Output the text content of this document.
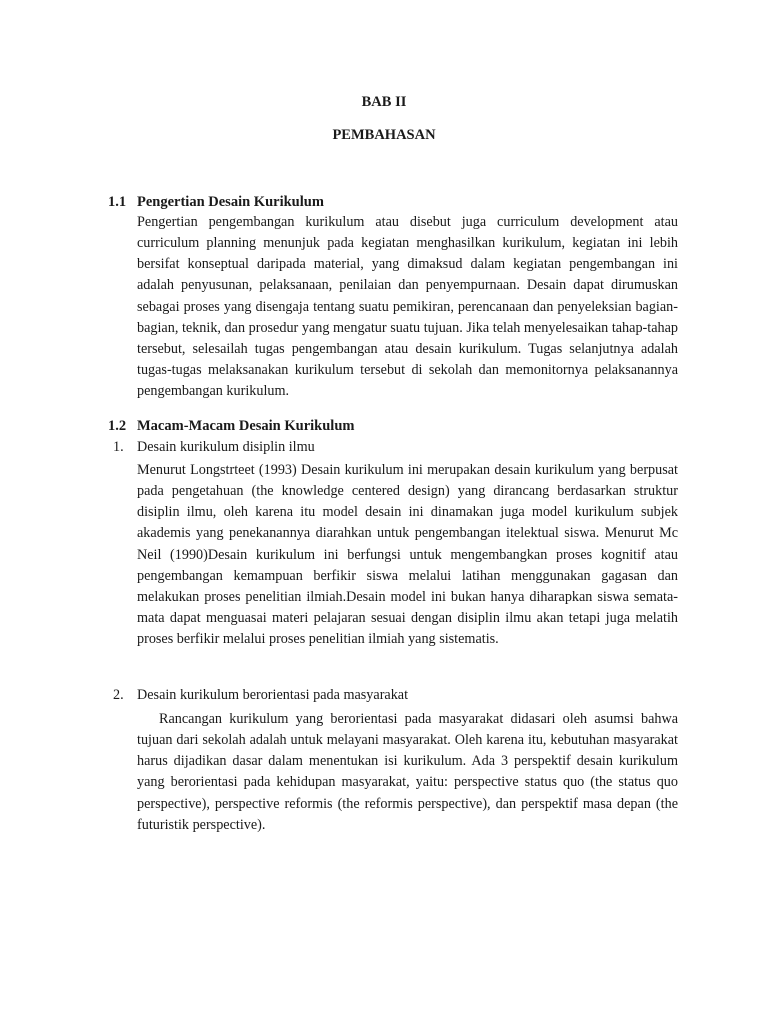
BAB II
PEMBAHASAN
1.1 Pengertian Desain Kurikulum

Pengertian pengembangan kurikulum atau disebut juga curriculum development atau curriculum planning menunjuk pada kegiatan menghasilkan kurikulum, kegiatan ini lebih bersifat konseptual daripada material, yang dimaksud dalam kegiatan pengembangan ini adalah penyusunan, pelaksanaan, penilaian dan penyempurnaan. Desain dapat dirumuskan sebagai proses yang disengaja tentang suatu pemikiran, perencanaan dan penyeleksian bagian-bagian, teknik, dan prosedur yang mengatur suatu tujuan. Jika telah menyelesaikan tahap-tahap tersebut, selesailah tugas pengembangan atau desain kurikulum. Tugas selanjutnya adalah tugas-tugas melaksanakan kurikulum tersebut di sekolah dan memonitornya pelaksanannya pengembangan kurikulum.

1.2 Macam-Macam Desain Kurikulum
1. Desain kurikulum disiplin ilmu

Menurut Longstrteet (1993) Desain kurikulum ini merupakan desain kurikulum yang berpusat pada pengetahuan (the knowledge centered design) yang dirancang berdasarkan struktur disiplin ilmu, oleh karena itu model desain ini dinamakan juga model kurikulum subjek akademis yang penekanannya diarahkan untuk pengembangan itelektual siswa. Menurut Mc Neil (1990)Desain kurikulum ini berfungsi untuk mengembangkan proses kognitif atau pengembangan kemampuan berfikir siswa melalui latihan menggunakan gagasan dan melakukan proses penelitian ilmiah.Desain model ini bukan hanya diharapkan siswa semata-mata dapat menguasai materi pelajaran sesuai dengan disiplin ilmu akan tetapi juga melatih proses berfikir melalui proses penelitian ilmiah yang sistematis.

2. Desain kurikulum berorientasi pada masyarakat

Rancangan kurikulum yang berorientasi pada masyarakat didasari oleh asumsi bahwa tujuan dari sekolah adalah untuk melayani masyarakat. Oleh karena itu, kebutuhan masyarakat harus dijadikan dasar dalam menentukan isi kurikulum. Ada 3 perspektif desain kurikulum yang berorientasi pada kehidupan masyarakat, yaitu: perspective status quo (the status quo perspective), perspective reformis (the reformis perspective), dan perspektif masa depan (the futuristik perspective).
